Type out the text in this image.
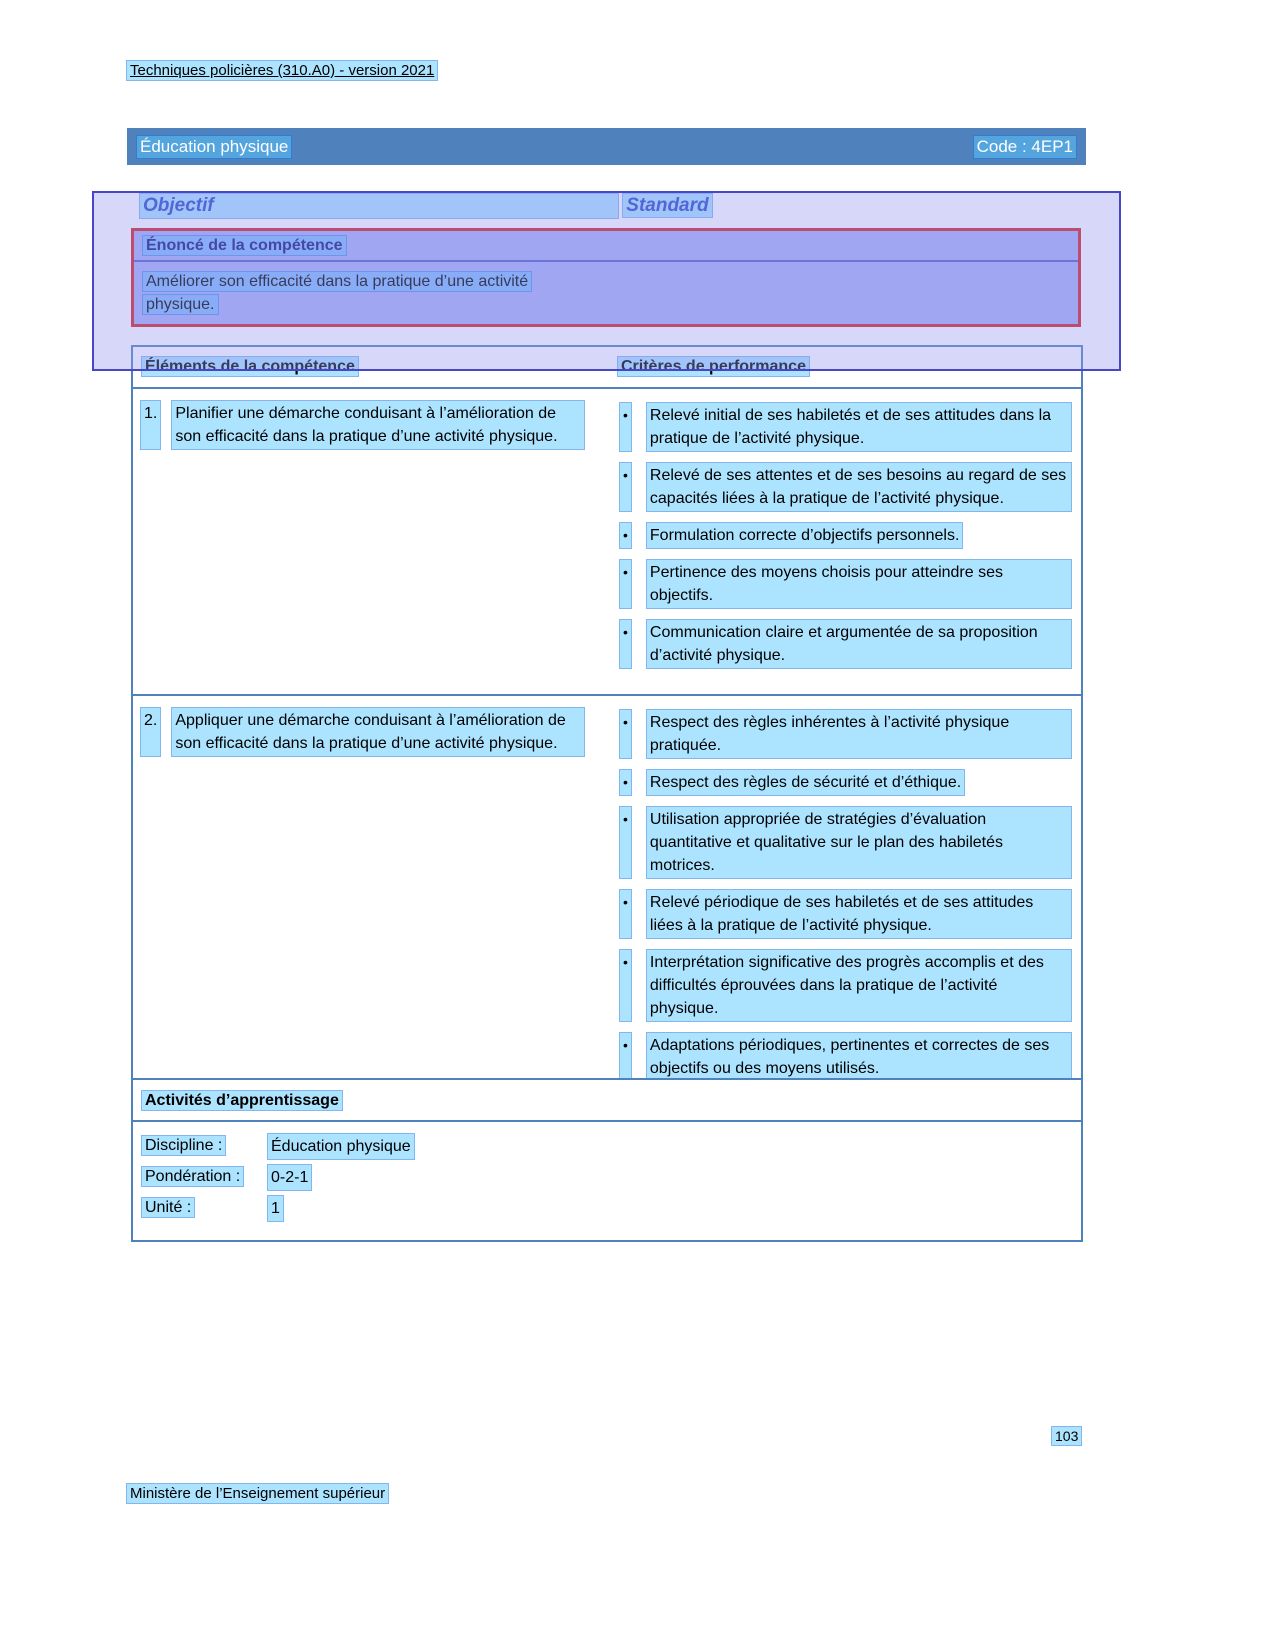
Techniques policières (310.A0) - version 2021
Éducation physique	Code : 4EP1
Objectif	Standard
Énoncé de la compétence
Améliorer son efficacité dans la pratique d’une activité physique.
Éléments de la compétence	Critères de performance
1. Planifier une démarche conduisant à l’amélioration de son efficacité dans la pratique d’une activité physique.
• Relevé initial de ses habiletés et de ses attitudes dans la pratique de l’activité physique.
• Relevé de ses attentes et de ses besoins au regard de ses capacités liées à la pratique de l’activité physique.
• Formulation correcte d’objectifs personnels.
• Pertinence des moyens choisis pour atteindre ses objectifs.
• Communication claire et argumentée de sa proposition d’activité physique.
2. Appliquer une démarche conduisant à l’amélioration de son efficacité dans la pratique d’une activité physique.
• Respect des règles inhérentes à l’activité physique pratiquée.
• Respect des règles de sécurité et d’éthique.
• Utilisation appropriée de stratégies d’évaluation quantitative et qualitative sur le plan des habiletés motrices.
• Relevé périodique de ses habiletés et de ses attitudes liées à la pratique de l’activité physique.
• Interprétation significative des progrès accomplis et des difficultés éprouvées dans la pratique de l’activité physique.
• Adaptations périodiques, pertinentes et correctes de ses objectifs ou des moyens utilisés.
Activités d’apprentissage
Discipline :	Éducation physique
Pondération :	0-2-1
Unité :	1
103
Ministère de l’Enseignement supérieur
